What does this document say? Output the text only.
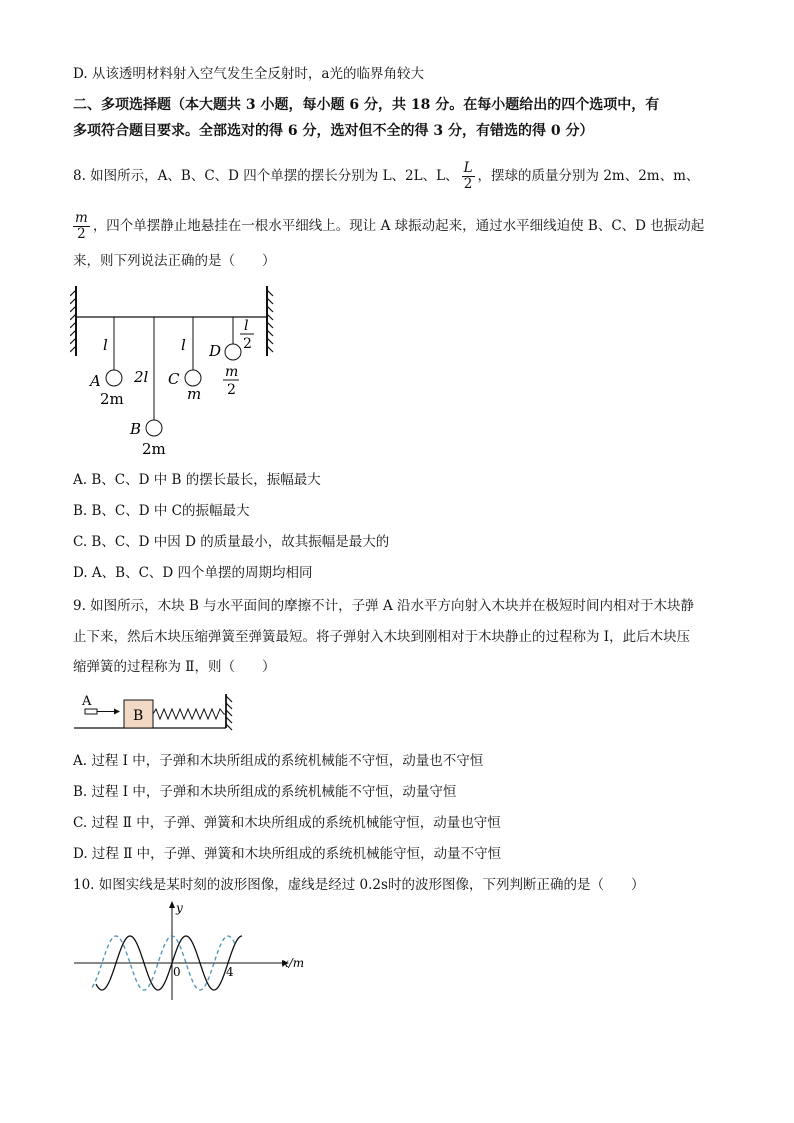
D. 从该透明材料射入空气发生全反射时，a光的临界角较大
二、多项选择题（本大题共 3 小题，每小题 6 分，共 18 分。在每小题给出的四个选项中，有
多项符合题目要求。全部选对的得 6 分，选对但不全的得 3 分，有错选的得 0 分）
8. 如图所示，A、B、C、D 四个单摆的摆长分别为 L、2L、L、 $\frac{L}{2}$ ，摆球的质量分别为 2m、2m、m、
$\frac{m}{2}$ ，四个单摆静止地悬挂在一根水平细线上。现让 A 球振动起来，通过水平细线迫使 B、C、D 也振动起
来，则下列说法正确的是（　　）
l
A
2m
2l
B
2m
l
C
m
D
l
2
m
2
A. B、C、D 中 B 的摆长最长，振幅最大
B. B、C、D 中 C的振幅最大
C. B、C、D 中因 D 的质量最小，故其振幅是最大的
D. A、B、C、D 四个单摆的周期均相同
9. 如图所示，木块 B 与水平面间的摩擦不计，子弹 A 沿水平方向射入木块并在极短时间内相对于木块静
止下来，然后木块压缩弹簧至弹簧最短。将子弹射入木块到刚相对于木块静止的过程称为 Ⅰ，此后木块压
缩弹簧的过程称为 Ⅱ，则（　　）
A
B
A. 过程 Ⅰ 中，子弹和木块所组成的系统机械能不守恒，动量也不守恒
B. 过程 Ⅰ 中，子弹和木块所组成的系统机械能不守恒，动量守恒
C. 过程 Ⅱ 中，子弹、弹簧和木块所组成的系统机械能守恒，动量也守恒
D. 过程 Ⅱ 中，子弹、弹簧和木块所组成的系统机械能守恒，动量不守恒
10. 如图实线是某时刻的波形图像，虚线是经过 0.2s时的波形图像，下列判断正确的是（　　）
y
x/m
0	4
